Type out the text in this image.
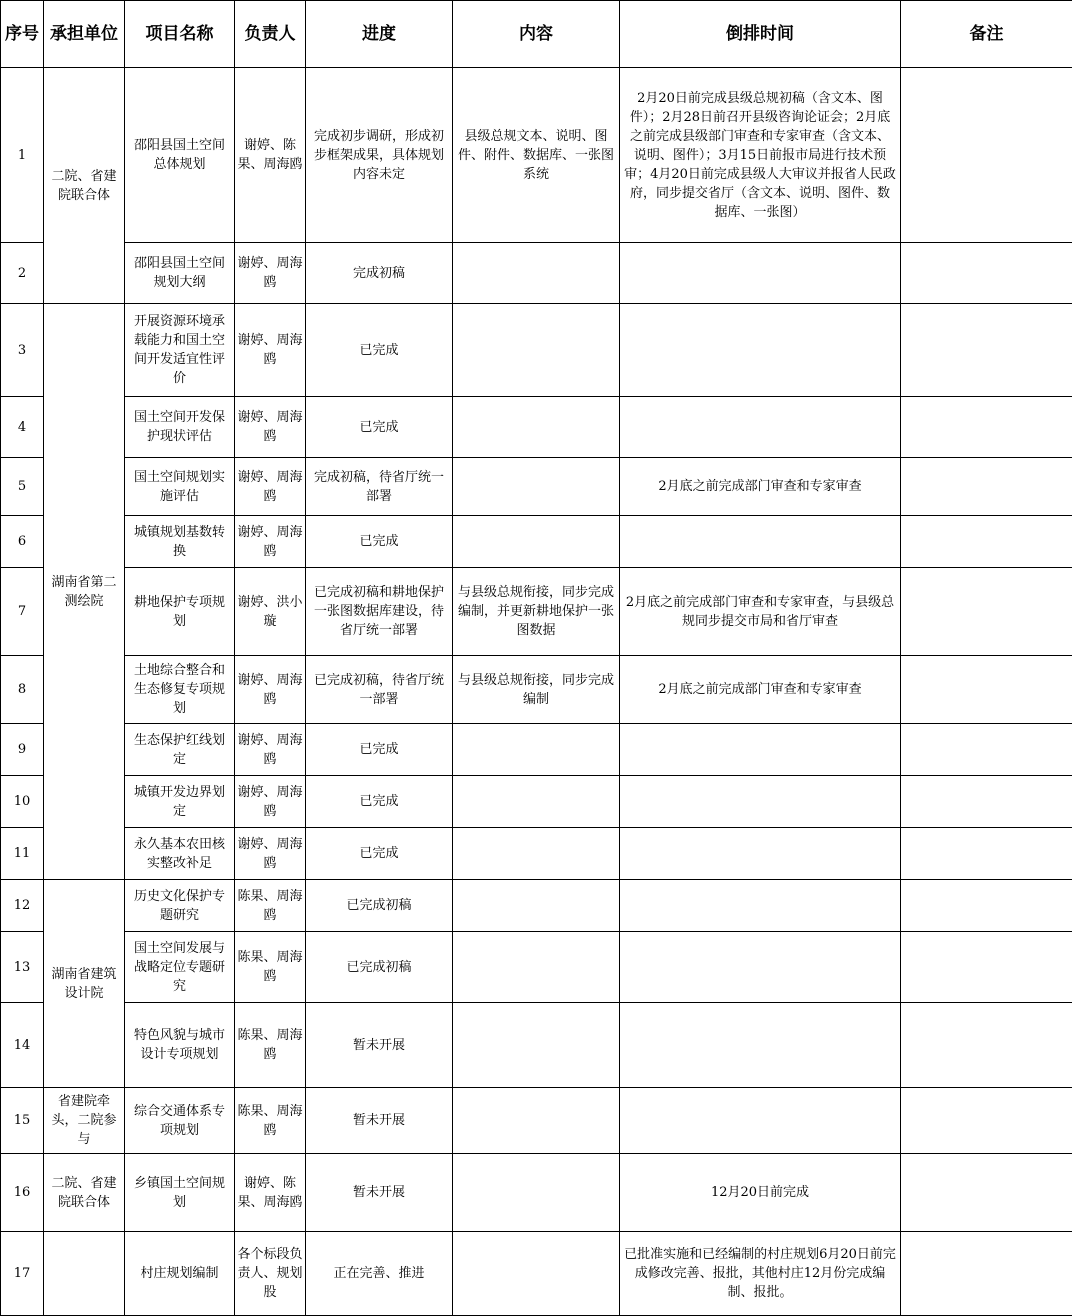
序号	承担单位	项目名称	负责人	进度	内容	倒排时间	备注
1	二院、省建院联合体	邵阳县国土空间总体规划	谢婷、陈果、周海鸥	完成初步调研，形成初步框架成果，具体规划内容未定	县级总规文本、说明、图件、附件、数据库、一张图系统	2月20日前完成县级总规初稿（含文本、图件）；2月28日前召开县级咨询论证会；2月底之前完成县级部门审查和专家审查（含文本、说明、图件）；3月15日前报市局进行技术预审；4月20日前完成县级人大审议并报省人民政府，同步提交省厅（含文本、说明、图件、数据库、一张图）	
2		邵阳县国土空间规划大纲	谢婷、周海鸥	完成初稿			
3	湖南省第二测绘院	开展资源环境承载能力和国土空间开发适宜性评价	谢婷、周海鸥	已完成			
4		国土空间开发保护现状评估	谢婷、周海鸥	已完成			
5		国土空间规划实施评估	谢婷、周海鸥	完成初稿，待省厅统一部署		2月底之前完成部门审查和专家审查	
6		城镇规划基数转换	谢婷、周海鸥	已完成			
7		耕地保护专项规划	谢婷、洪小璇	已完成初稿和耕地保护一张图数据库建设，待省厅统一部署	与县级总规衔接，同步完成编制，并更新耕地保护一张图数据	2月底之前完成部门审查和专家审查，与县级总规同步提交市局和省厅审查	
8		土地综合整合和生态修复专项规划	谢婷、周海鸥	已完成初稿，待省厅统一部署	与县级总规衔接，同步完成编制	2月底之前完成部门审查和专家审查	
9		生态保护红线划定	谢婷、周海鸥	已完成			
10		城镇开发边界划定	谢婷、周海鸥	已完成			
11		永久基本农田核实整改补足	谢婷、周海鸥	已完成			
12	湖南省建筑设计院	历史文化保护专题研究	陈果、周海鸥	已完成初稿			
13		国土空间发展与战略定位专题研究	陈果、周海鸥	已完成初稿			
14		特色风貌与城市设计专项规划	陈果、周海鸥	暂未开展			
15	省建院牵头，二院参与	综合交通体系专项规划	陈果、周海鸥	暂未开展			
16	二院、省建院联合体	乡镇国土空间规划	谢婷、陈果、周海鸥	暂未开展		12月20日前完成	
17		村庄规划编制	各个标段负责人、规划股	正在完善、推进		已批准实施和已经编制的村庄规划6月20日前完成修改完善、报批，其他村庄12月份完成编制、报批。	
